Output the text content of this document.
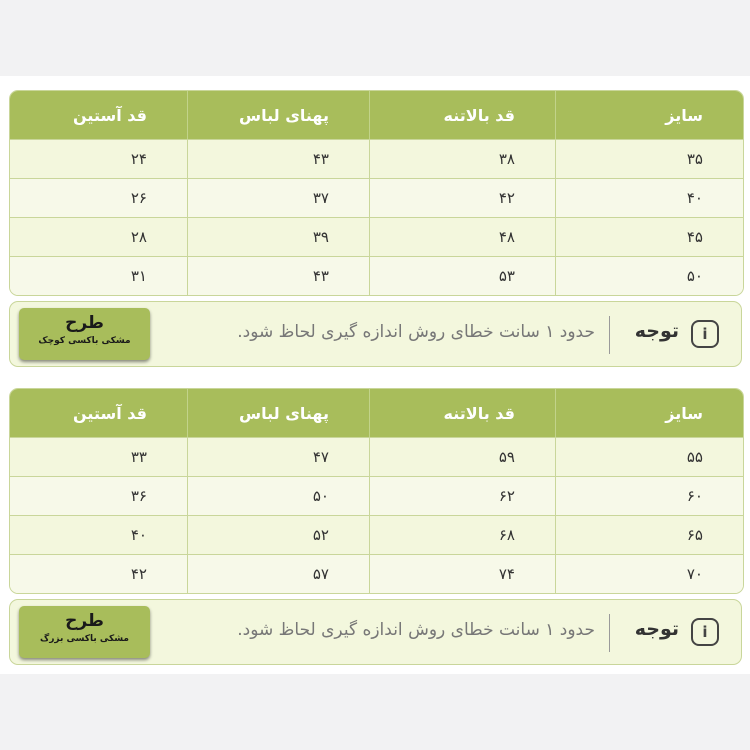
سایز
قد بالاتنه
پهنای لباس
قد آستین
۳۵
۳۸
۴۳
۲۴
۴۰
۴۲
۳۷
۲۶
۴۵
۴۸
۳۹
۲۸
۵۰
۵۳
۴۳
۳۱
i
توجه
حدود ۱ سانت خطای روش اندازه گیری لحاظ شود.
طرح
مشکی باکسی کوچک
سایز
قد بالاتنه
پهنای لباس
قد آستین
۵۵
۵۹
۴۷
۳۳
۶۰
۶۲
۵۰
۳۶
۶۵
۶۸
۵۲
۴۰
۷۰
۷۴
۵۷
۴۲
i
توجه
حدود ۱ سانت خطای روش اندازه گیری لحاظ شود.
طرح
مشکی باکسی بزرگ
